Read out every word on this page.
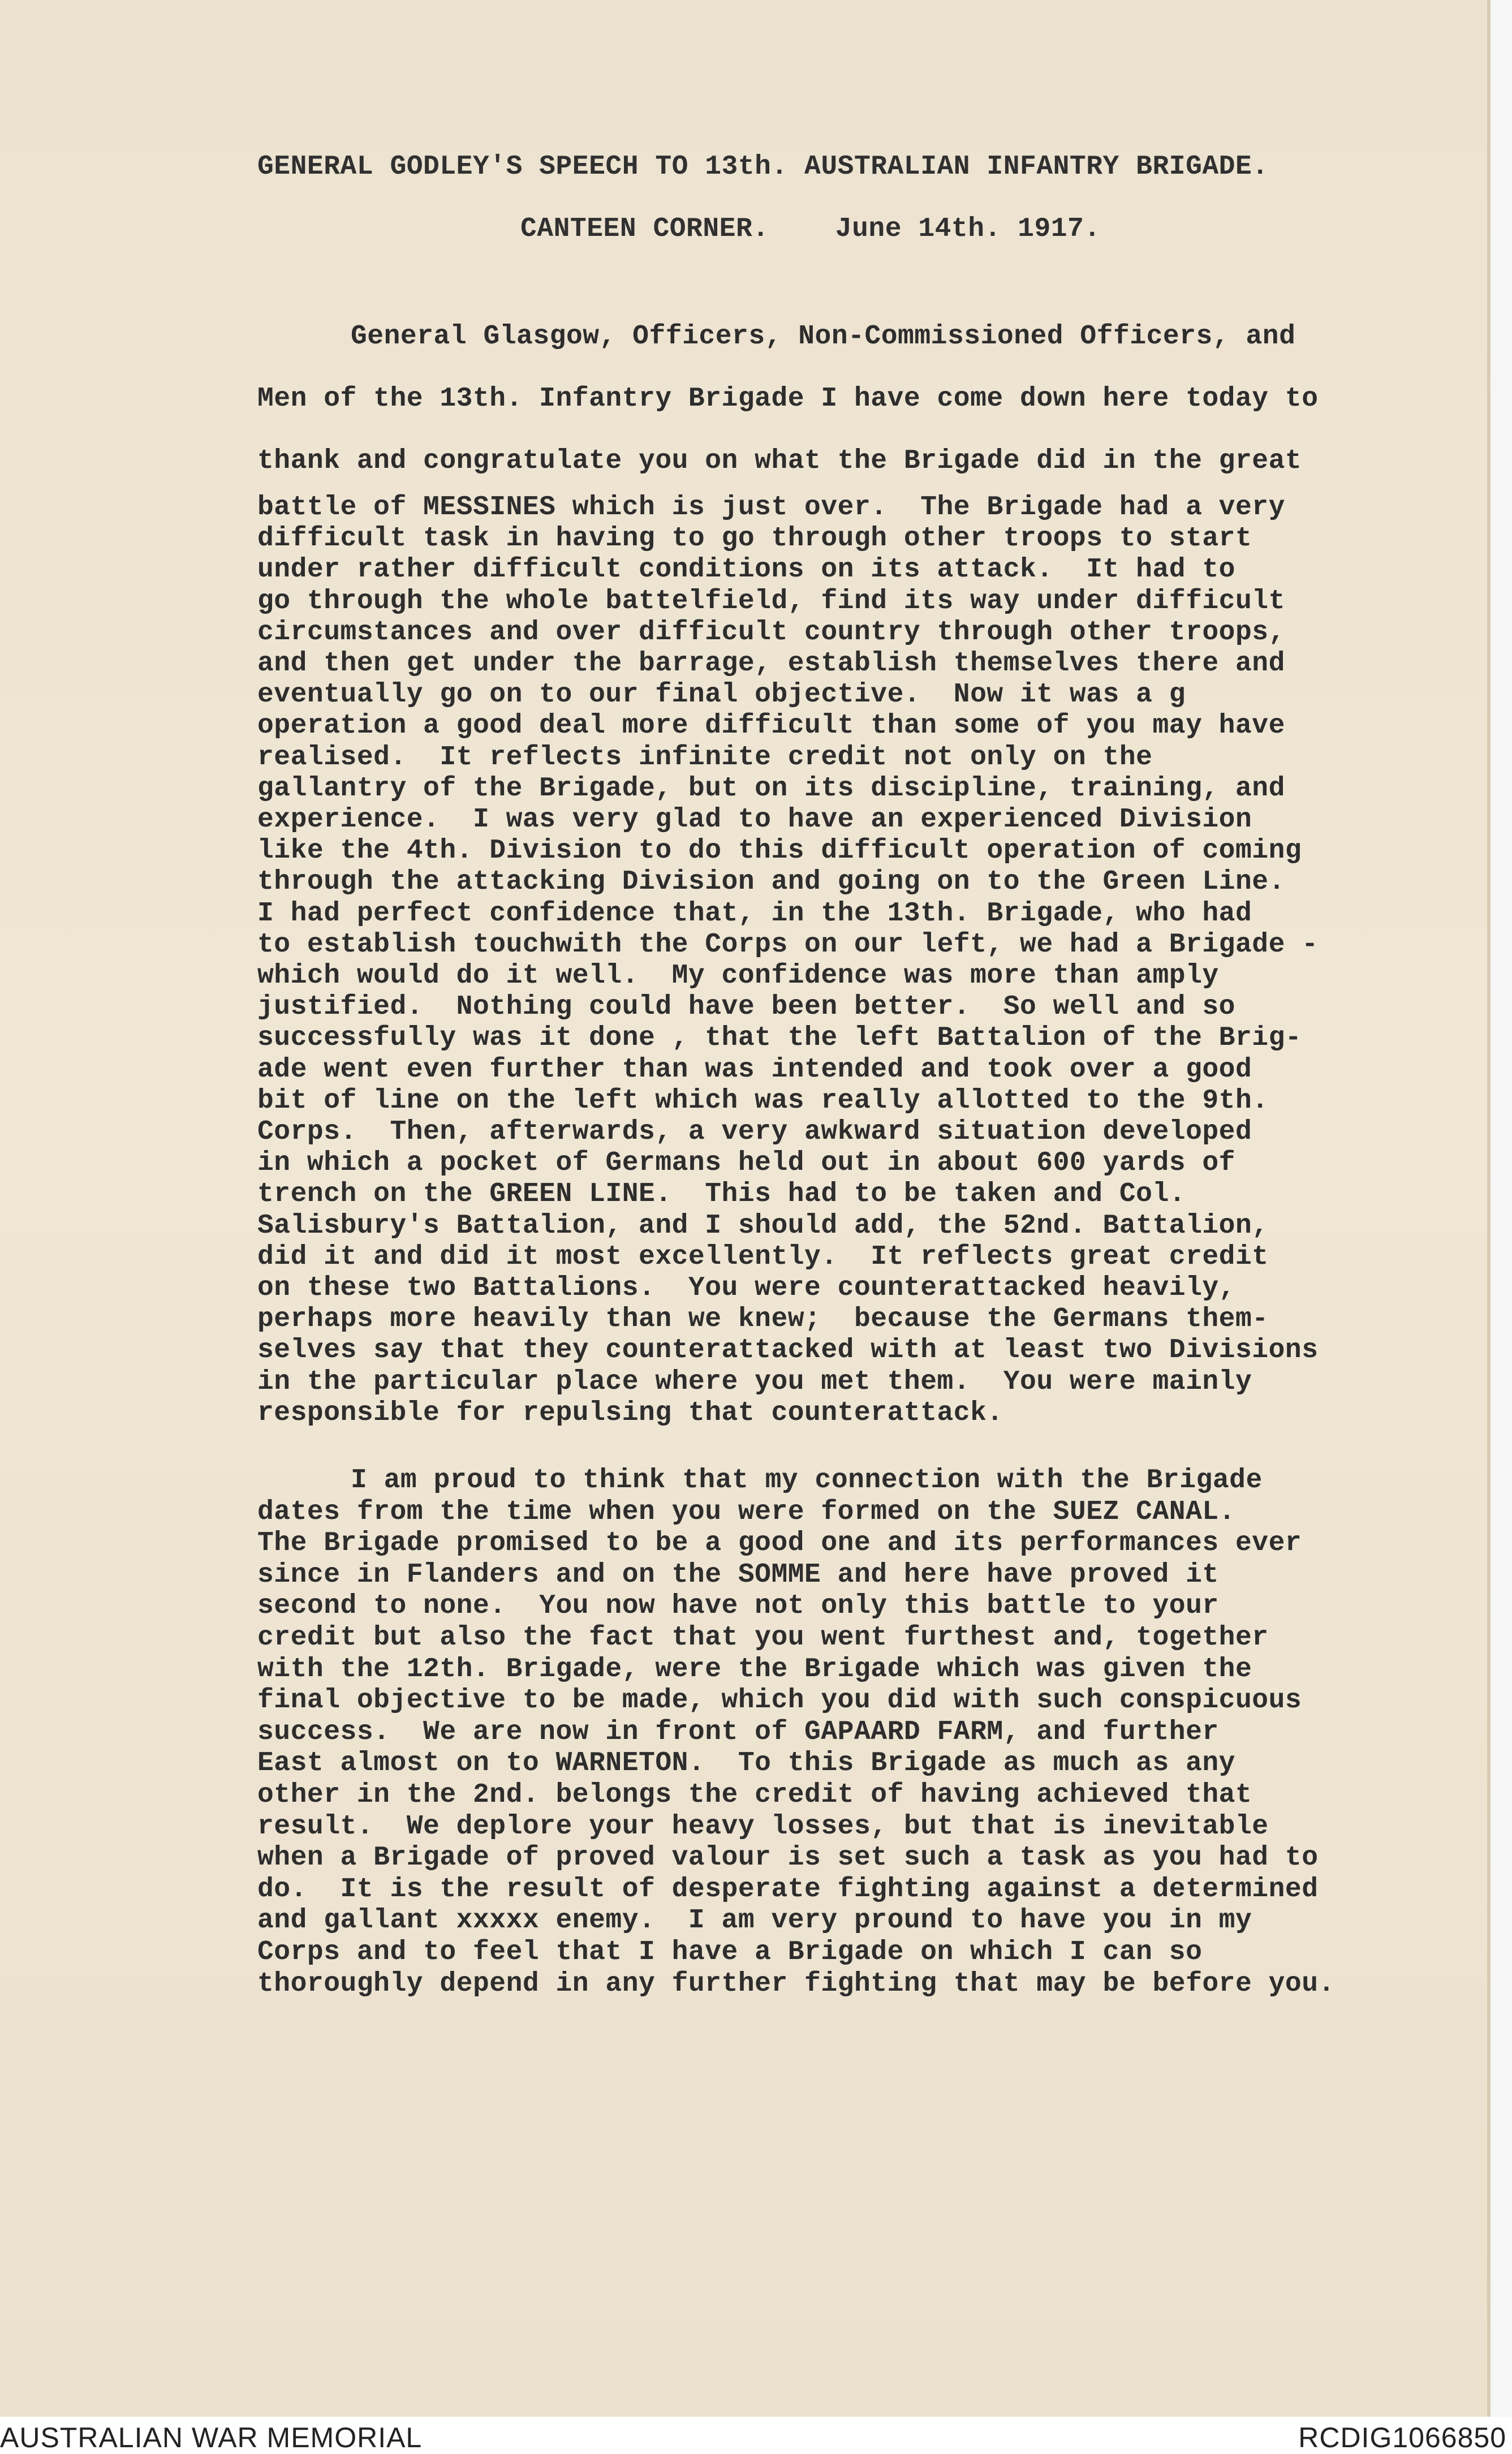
GENERAL GODLEY'S SPEECH TO 13th. AUSTRALIAN INFANTRY BRIGADE.
CANTEEN CORNER.    June 14th. 1917.
General Glasgow, Officers, Non-Commissioned Officers, and
Men of the 13th. Infantry Brigade I have come down here today to
thank and congratulate you on what the Brigade did in the great
battle of MESSINES which is just over.  The Brigade had a very
difficult task in having to go through other troops to start
under rather difficult conditions on its attack.  It had to
go through the whole battelfield, find its way under difficult
circumstances and over difficult country through other troops,
and then get under the barrage, establish themselves there and
eventually go on to our final objective.  Now it was a g
operation a good deal more difficult than some of you may have
realised.  It reflects infinite credit not only on the
gallantry of the Brigade, but on its discipline, training, and
experience.  I was very glad to have an experienced Division
like the 4th. Division to do this difficult operation of coming
through the attacking Division and going on to the Green Line.
I had perfect confidence that, in the 13th. Brigade, who had
to establish touchwith the Corps on our left, we had a Brigade -
which would do it well.  My confidence was more than amply
justified.  Nothing could have been better.  So well and so
successfully was it done , that the left Battalion of the Brig-
ade went even further than was intended and took over a good
bit of line on the left which was really allotted to the 9th.
Corps.  Then, afterwards, a very awkward situation developed
in which a pocket of Germans held out in about 600 yards of
trench on the GREEN LINE.  This had to be taken and Col.
Salisbury's Battalion, and I should add, the 52nd. Battalion,
did it and did it most excellently.  It reflects great credit
on these two Battalions.  You were counterattacked heavily,
perhaps more heavily than we knew;  because the Germans them-
selves say that they counterattacked with at least two Divisions
in the particular place where you met them.  You were mainly
responsible for repulsing that counterattack.
I am proud to think that my connection with the Brigade
dates from the time when you were formed on the SUEZ CANAL.
The Brigade promised to be a good one and its performances ever
since in Flanders and on the SOMME and here have proved it
second to none.  You now have not only this battle to your
credit but also the fact that you went furthest and, together
with the 12th. Brigade, were the Brigade which was given the
final objective to be made, which you did with such conspicuous
success.  We are now in front of GAPAARD FARM, and further
East almost on to WARNETON.  To this Brigade as much as any
other in the 2nd. belongs the credit of having achieved that
result.  We deplore your heavy losses, but that is inevitable
when a Brigade of proved valour is set such a task as you had to
do.  It is the result of desperate fighting against a determined
and gallant xxxxx enemy.  I am very pround to have you in my
Corps and to feel that I have a Brigade on which I can so
thoroughly depend in any further fighting that may be before you.
AUSTRALIAN WAR MEMORIAL	RCDIG1066850
